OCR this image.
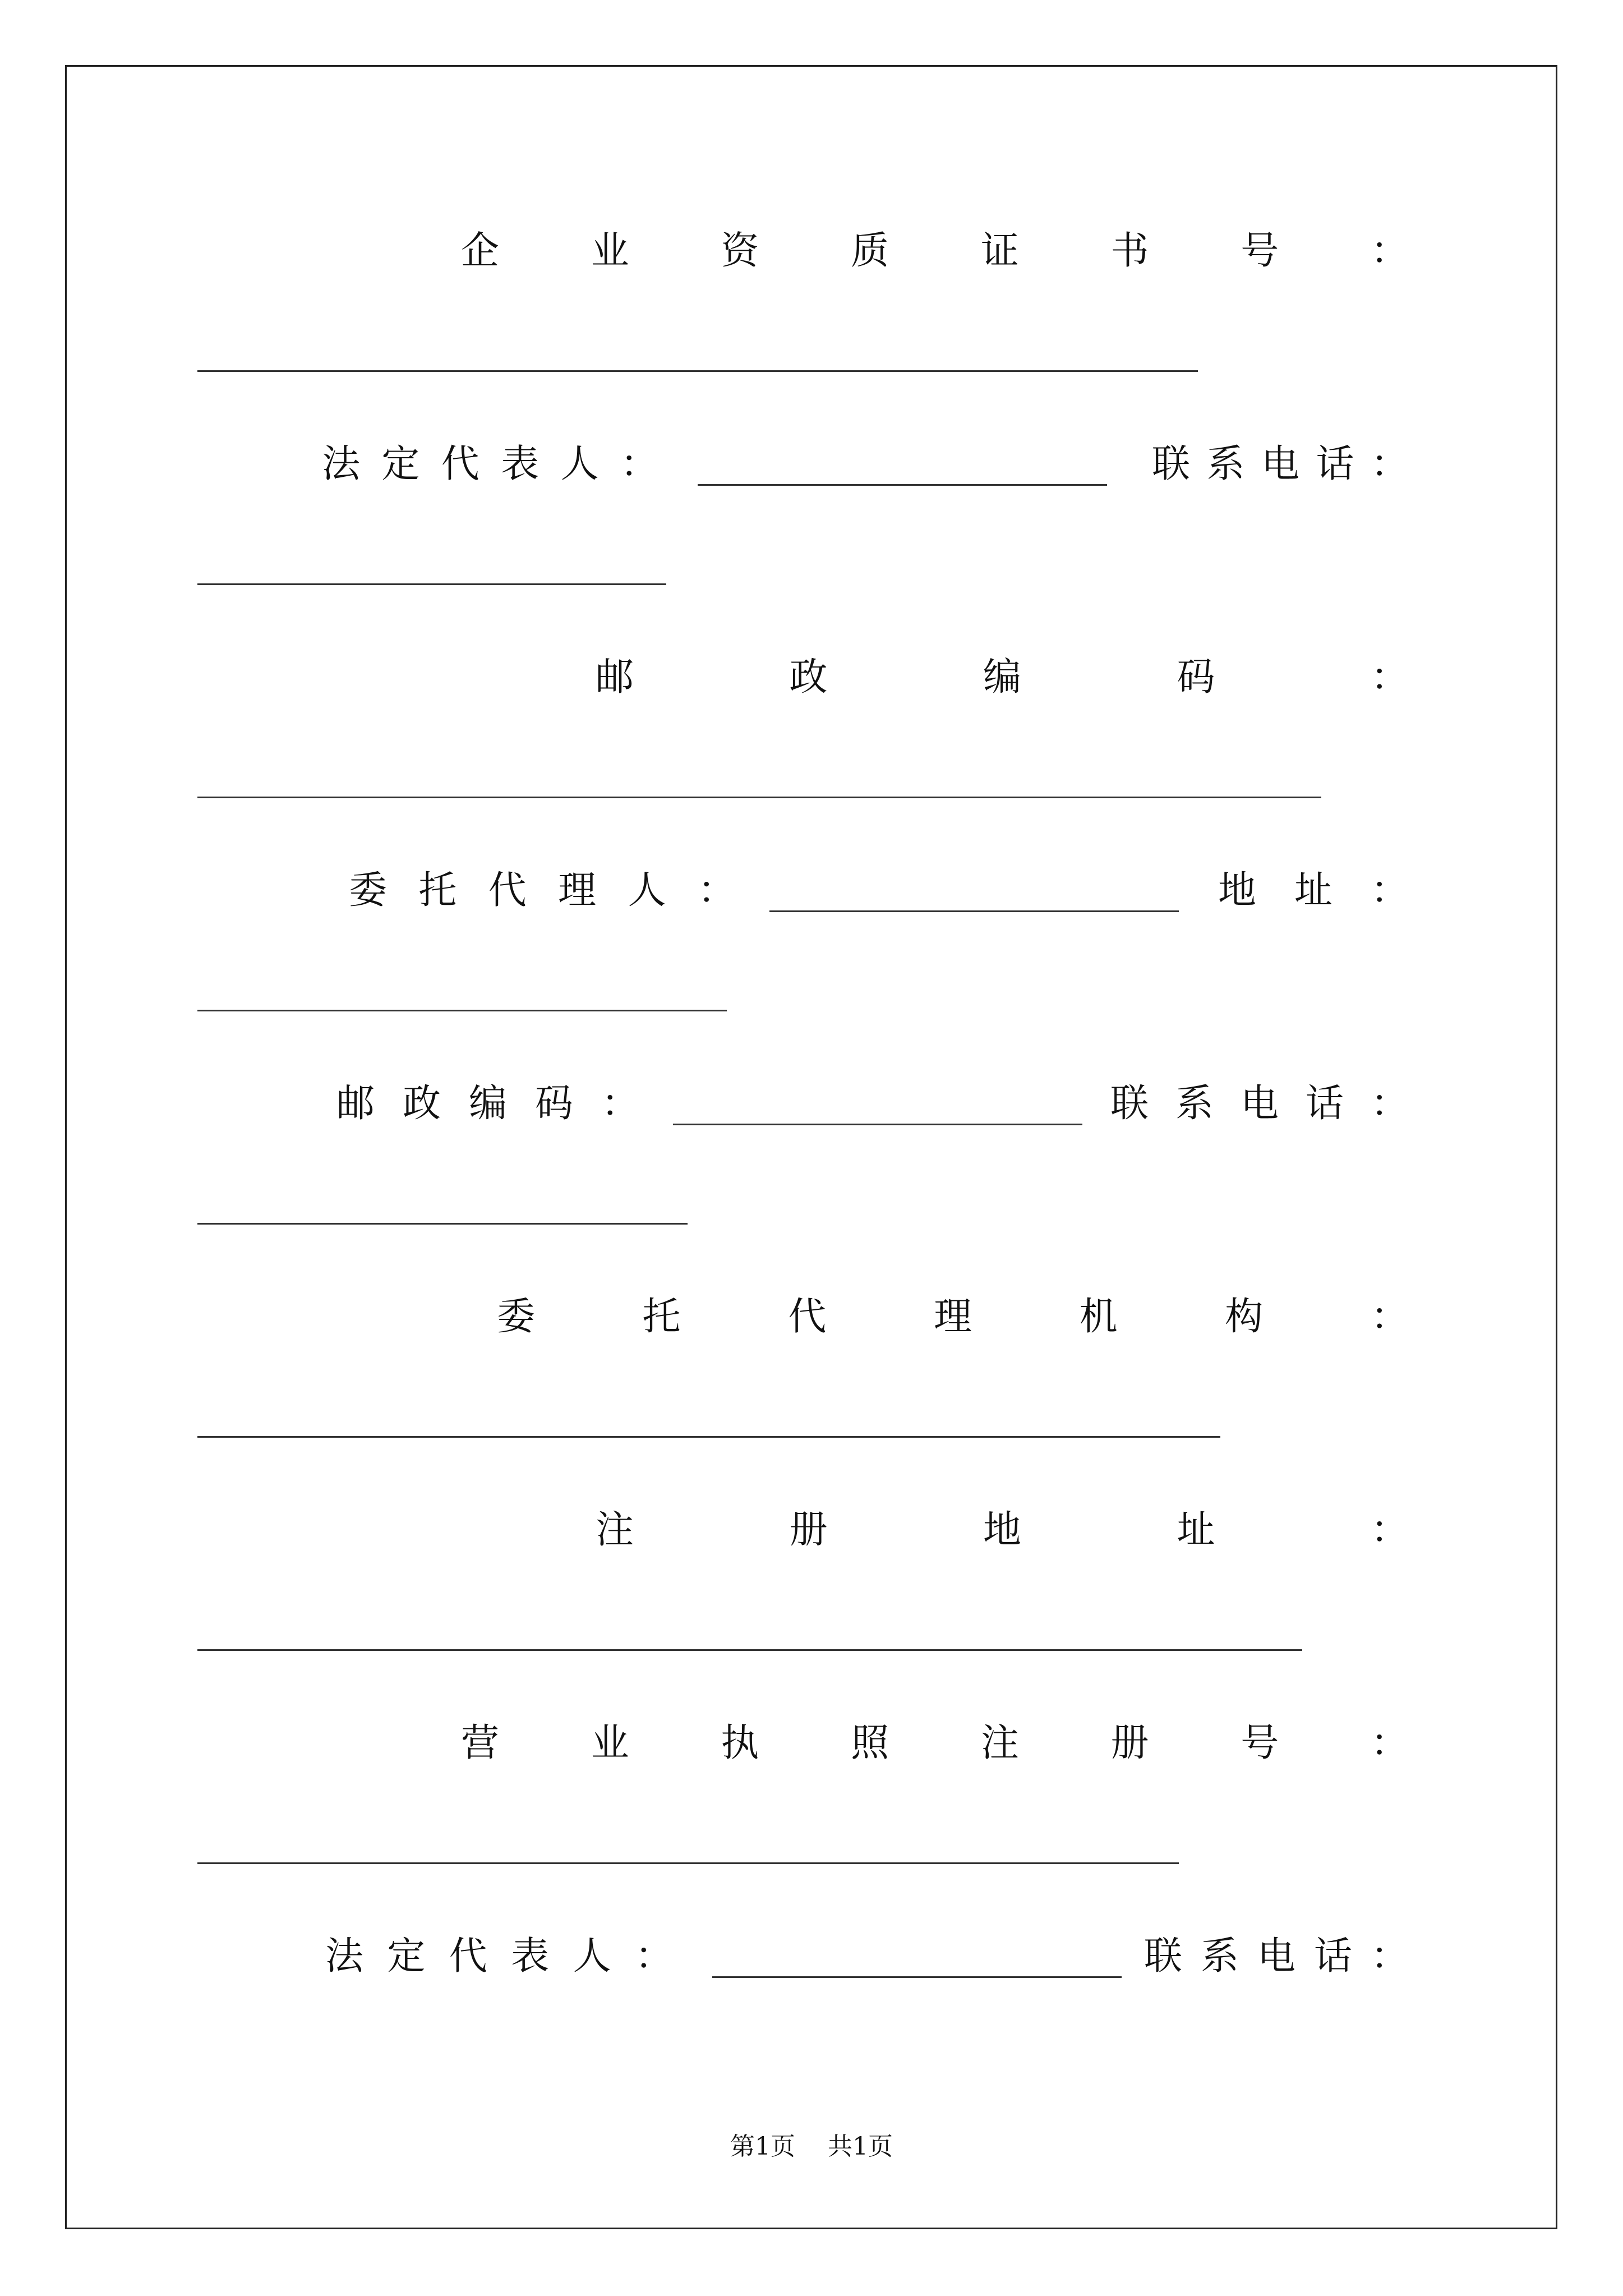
企 业 资 质 证 书 号 ：
法 定 代 表 人 ：	联 系 电 话 ：
邮	政	编	码	：
委 托 代 理 人 ：	地 址 ：
邮 政 编 码 ：	联 系 电 话 ：
委	托	代	理	机	构	：
注	册	地	址	：
营 业 执 照 注 册 号 ：
法 定 代 表 人 ：	联 系 电 话 ：
第1页 共1页
